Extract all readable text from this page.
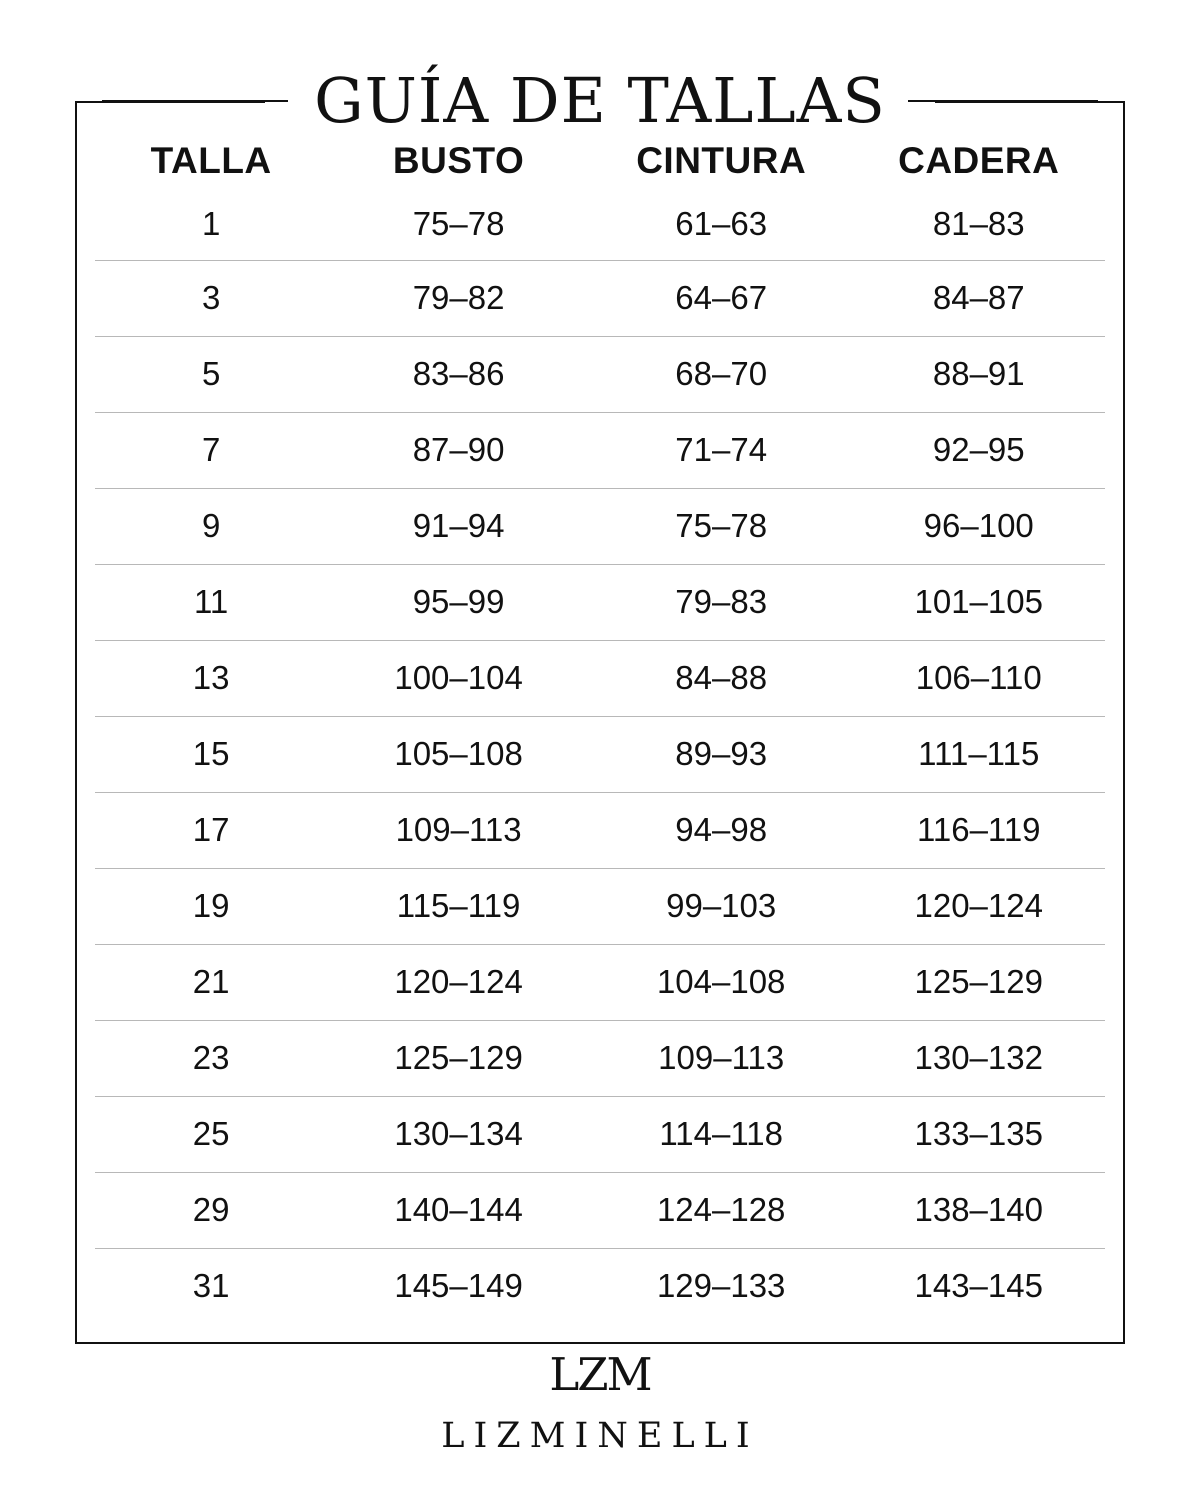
GUÍA DE TALLAS
TALLA	BUSTO	CINTURA	CADERA
1	75–78	61–63	81–83
3	79–82	64–67	84–87
5	83–86	68–70	88–91
7	87–90	71–74	92–95
9	91–94	75–78	96–100
11	95–99	79–83	101–105
13	100–104	84–88	106–110
15	105–108	89–93	111–115
17	109–113	94–98	116–119
19	115–119	99–103	120–124
21	120–124	104–108	125–129
23	125–129	109–113	130–132
25	130–134	114–118	133–135
29	140–144	124–128	138–140
31	145–149	129–133	143–145
LZM
LIZMINELLI
